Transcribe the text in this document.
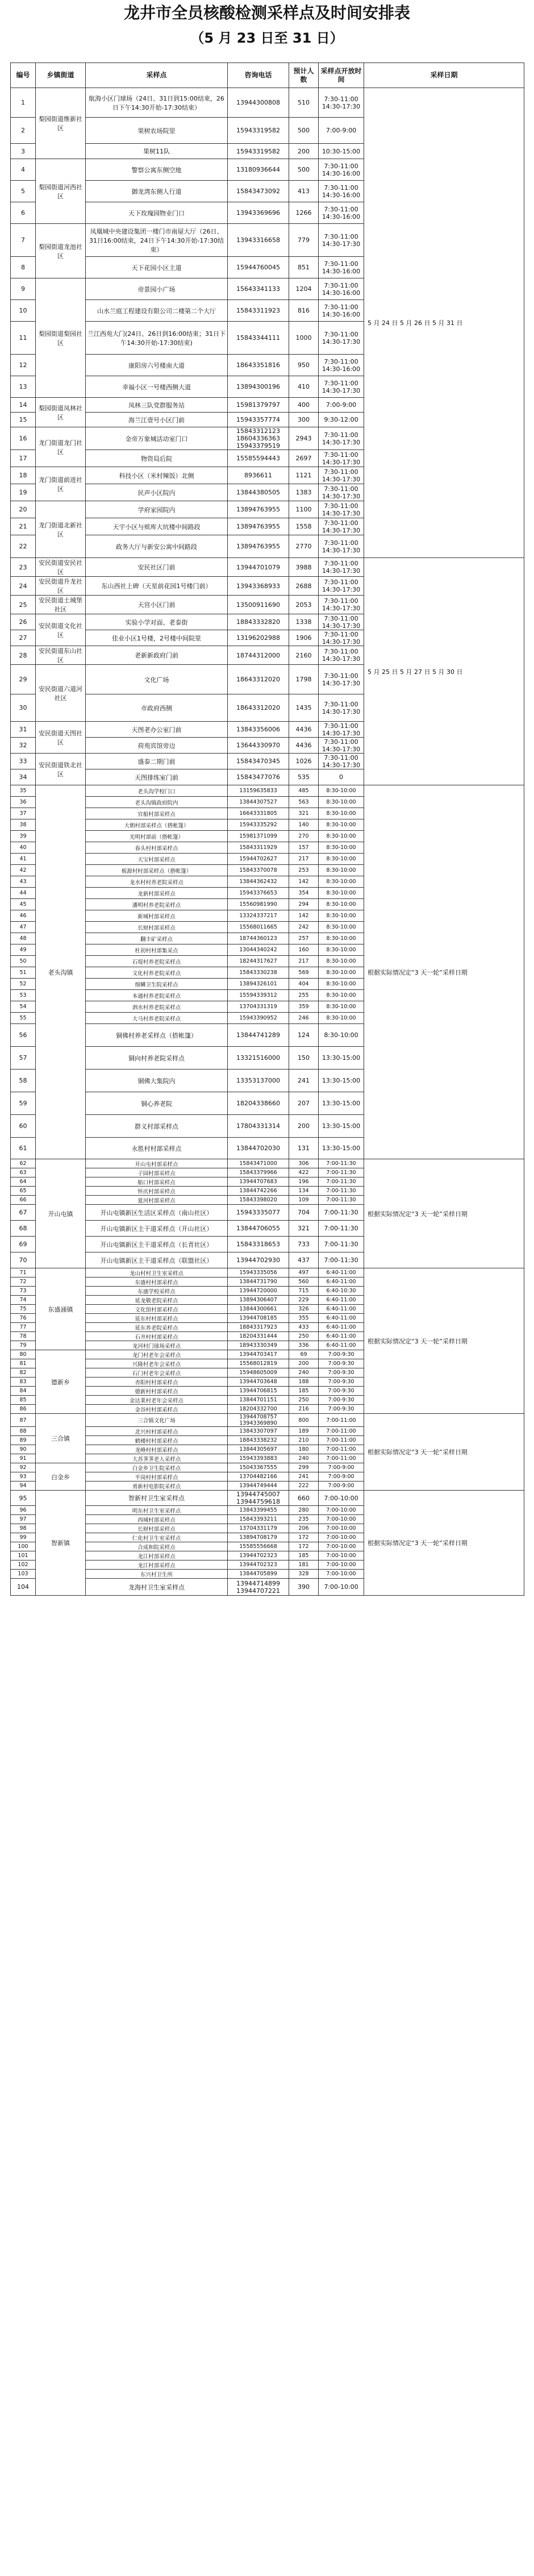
龙井市全员核酸检测采样点及时间安排表
（5 月 23 日至 31 日）
编号	乡镇街道	采样点	咨询电话	预计人数	采样点开放时间	采样日期
1	梨园街道维新社区	航海小区门球场（24日、31日到15:00结束，26日下午14:30开始-17:30结束）	13944300808	510	7:30-11:00 14:30-17:30	5 月 24 日 5 月 26 日 5 月 31 日
2		果树农场院里	15943319582	500	7:00-9:00	
3		果树11队	15943319582	200	10:30-15:00	
4	梨园街道河西社区	警察公寓东侧空地	13180936644	500	7:30-11:00 14:30-16:00	
5		御龙湾东侧人行道	15843473092	413	7:30-11:00 14:30-16:00	
6		天下玫瑰园物业门口	13943369696	1266	7:30-11:00 14:30-16:00	
7	梨园街道龙池社区	凤凰城中央建设集团一楼门市南屋大厅（26日、31日16:00结束，24日下午14:30开始-17:30结束）	13943316658	779	7:30-11:00 14:30-17:30	
8		天下花园小区主道	15944760045	851	7:30-11:00 14:30-16:00	
9	梨园街道梨园社区	帝景园小广场	15643341133	1204	7:30-11:00 14:30-16:00	
10		山水兰庭工程建设有限公司二楼第二个大厅	15843311923	816	7:30-11:00 14:30-16:00	
11		兰江西苑大门(24日、26日到16:00结束；31日下午14:30开始-17:30结束)	15843344111	1000	7:30-11:00 14:30-17:30	
12		康阳房六号楼南大道	18643351816	950	7:30-11:00 14:30-16:00	
13		幸福小区一号楼西侧大道	13894300196	410	7:30-11:00 14:30-17:30	
14	梨园街道凤林社区	凤林三队党群服务站	15981379797	400	7:00-9:00	
15		海兰江壹号小区门前	15943357774	300	9:30-12:00	
16	龙门街道龙门社区	金帝万象城活动室门口	15843312123 18604336363 15943379519	2943	7:30-11:00 14:30-17:30	
17		物资局后院	15585594443	2697	7:30-11:00 14:30-17:30	
18	龙门街道前进社区	科技小区（米村辣饭）北侧	8936611	1121	7:30-11:00 14:30-17:30	
19		民声小区院内	13844380505	1383	7:30-11:00 14:30-17:30	
20	龙门街道北新社区	学府家园院内	13894763955	1100	7:30-11:00 14:30-17:30	
21		天宇小区与殡库大坑楼中间路段	13894763955	1558	7:30-11:00 14:30-17:30	
22		政务大厅与新安公寓中间路段	13894763955	2770	7:30-11:00 14:30-17:30	
23	安民街道安民社区	安民社区门前	13944701079	3988	7:30-11:00 14:30-17:30	5 月 25 日 5 月 27 日 5 月 30 日
24	安民街道升龙社区	东山西社上碑（天星前花园1号楼门前）	13943368933	2688	7:30-11:00 14:30-17:30	
25	安民街道土城堡社区	天宫小区门前	13500911690	2053	7:30-11:00 14:30-17:30	
26	安民街道文化社区	实验小学对面、老泰街	18843332820	1338	7:30-11:00 14:30-17:30	
27		佳业小区1号楼，2号楼中间院里	13196202988	1906	7:30-11:00 14:30-17:30	
28	安民街道东山社区	老新新政府门前	18744312000	2160	7:30-11:00 14:30-17:30	
29	安民街道六道河社区	文化广场	18643312020	1798	7:30-11:00 14:30-17:30	
30		市政府西侧	18643312020	1435	7:30-11:00 14:30-17:30	
31	安民街道天图社区	天图老办公室门前	13843356006	4436	7:30-11:00 14:30-17:30	
32		荷苑宾馆旁边	13644330970	4436	7:30-11:00 14:30-17:30	
33	安民街道铁北社区	盛泰二期门前	15843470345	1026	7:30-11:00 14:30-17:30	
34		天图排练室门前	15843477076	535	0	
35	老头沟镇	老头沟学校门口	13159635833	485	8:30-10:00	根据实际情况定“3 天一轮”采样日期
36		老头沟镇政府院内	13844307527	563	8:30-10:00	
37		官船村部采样点	16643331805	321	8:30-10:00	
38		大朝村部采样点（搭帐篷）	15943335292	140	8:30-10:00	
39		光明村部前（搭帐篷）	15981371099	270	8:30-10:00	
40		春头村村部采样点	15843311929	157	8:30-10:00	
41		天宝村部采样点	15944702627	217	8:30-10:00	
42		板源村村部采样点（搭帐篷）	15843370078	253	8:30-10:00	
43		龙水村村养老院采样点	13844362432	142	8:30-10:00	
44		龙新村部采样点	15943376653	354	8:30-10:00	
45		潘明村养老院采样点	15560981990	294	8:30-10:00	
46		新城村部采样点	13324337217	142	8:30-10:00	
47		长财村部采样点	15568011665	242	8:30-10:00	
48		翻丰矿采样点	18744360123	257	8:30-10:00	
49		杜初村村部集采点	13044340242	160	8:30-10:00	
50		石堤村养老院采样点	18244317627	217	8:30-10:00	
51		文化村养老院采样点	15843330238	569	8:30-10:00	
52		细鳞卫生院采样点	13894326101	404	8:30-10:00	
53		本通村养老院采样点	15594339312	255	8:30-10:00	
54		泗水村养老院采样点	13704331319	359	8:30-10:00	
55		大马村养老院采样点	15943390952	246	8:30-10:00	
56		铜佛村养老采样点（搭帐篷）	13844741289	124	8:30-10:00	
57		铜向村养老院采样点	13321516000	150	13:30-15:00	
58		铜佛大集院内	13353137000	241	13:30-15:00	
59		铜心养老院	18204338660	207	13:30-15:00	
60		群义村部采样点	17804331314	200	13:30-15:00	
61		永胜村村部采样点	13844702030	131	13:30-15:00	
62	开山屯镇	开山屯村部采样点	15843471000	306	7:00-11:30	根据实际情况定“3 天一轮”采样日期
63		子园村部采样点	15843379966	422	7:00-11:30	
64		船口村部采样点	13944707683	196	7:00-11:30	
65		怀庆村部采样点	13844742266	134	7:00-11:30	
66		夏河村部采样点	15843398020	109	7:00-11:30	
67		开山屯镇新区生活区采样点（南山社区）	15943335077	704	7:00-11:30	
68		开山屯镇新区主干道采样点（开山社区）	13844706055	321	7:00-11:30	
69		开山屯镇新区主干道采样点（长青社区）	15843318653	733	7:00-11:30	
70		开山屯镇新区主干道采样点（联盟社区）	13944702930	437	7:00-11:30	
71	东盛涌镇	龙山村村卫生室采样点	15943335056	497	6:40-11:00	根据实际情况定“3 天一轮”采样日期
72		东盛村村部采样点	13844731790	560	6:40-11:00	
73		东盛学校采样点	13944720000	715	6:40-10:30	
74		延龙敬老院采样点	13894306407	229	6:40-11:00	
75		文化馆村部采样点	13844300661	326	6:40-11:00	
76		延东村村部采样点	13944708185	355	6:40-11:00	
77		延东养老院采样点	18843317923	433	6:40-11:00	
78		石井村村部采样点	18204331444	250	6:40-11:00	
79		龙河村门球场采样点	18943330349	336	6:40-11:00	
80	德新乡	龙门村老年会采样点	13944703417	69	7:00-9:30	
81		兴隆村老年会采样点	15568012819	200	7:00-9:30	
82		石门村老年会采样点	15948605009	240	7:00-9:30	
83		杏阳村村部采样点	13944703648	188	7:00-9:30	
84		德新村村部采样点	13944706815	185	7:00-9:30	
85		金达莱村老年会采样点	13844701151	250	7:00-9:30	
86		金谷村村部采样点	18204332700	216	7:00-9:30	
87	三合镇	三合镇文化广场	13944708757 13943369890	800	7:00-11:00	根据实际情况定“3 天一轮”采样日期
88		北兴村村部采样点	13843307097	189	7:00-11:00	
89		鹤楼村村部采样点	18843338232	210	7:00-11:00	
90		龙峰村村部采样点	13844305697	180	7:00-11:00	
91		大苏荠荠老人采样点	15943393883	240	7:00-11:00	
92	白金乡	白金乡卫生院采样点	15043367555	299	7:00-9:00	
93		平岗村村部采样点	13704482166	241	7:00-9:00	
94		勇新村电影院采样点	13944749444	222	7:00-9:00	
95	智新镇	智新村卫生室采样点	13944745007 13944759618	660	7:00-10:00	根据实际情况定“3 天一轮”采样日期
96		明东村卫生室采样点	13843399455	280	7:00-10:00	
97		西城村部采样点	15843393211	235	7:00-10:00	
98		长财村部采样点	13704331179	206	7:00-10:00	
99		仁化村卫生室采样点	13894708179	172	7:00-10:00	
100		合成和院采样点	15585556668	172	7:00-10:00	
101		龙江村部采样点	13944702323	185	7:00-10:00	
102		龙江村部采样点	13944702323	181	7:00-10:00	
103		东兴村卫生所	13844705899	328	7:00-10:00	
104		龙海村卫生室采样点	13944714899 13944707221	390	7:00-10:00	
